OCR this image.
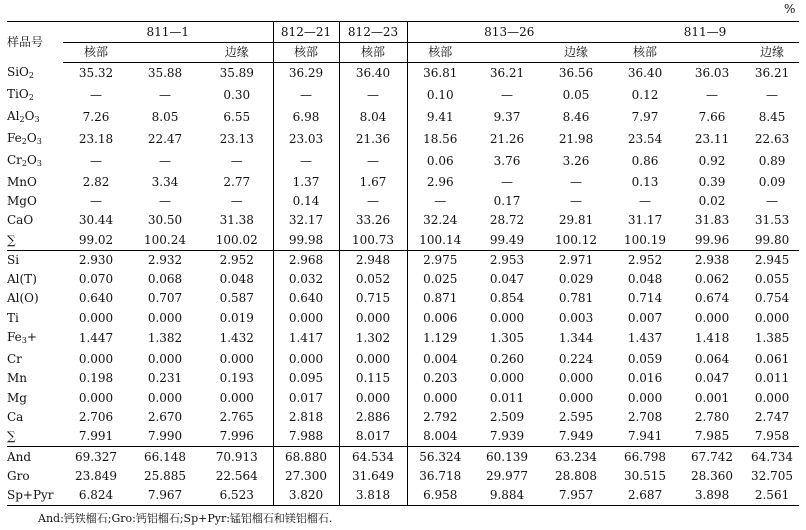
%
样品号	811—1			812—21	812—23	813—26			811—9		
	核部		边缘	核部	核部	核部		边缘	核部		边缘
SiO$_2$	35.32	35.88	35.89	36.29	36.40	36.81	36.21	36.56	36.40	36.03	36.21
TiO$_2$	—	—	0.30	—	—	0.10	—	0.05	0.12	—	—
$Al_2O_3$	7.26	8.05	6.55	6.98	8.04	9.41	9.37	8.46	7.97	7.66	8.45
$Fe_2O_3$	23.18	22.47	23.13	23.03	21.36	18.56	21.26	21.98	23.54	23.11	22.63
$Cr_2O_3$	—	—	—	—	—	0.06	3.76	3.26	0.86	0.92	0.89
MnO	2.82	3.34	2.77	1.37	1.67	2.96	—	—	0.13	0.39	0.09
MgO	—	—	—	0.14	—	—	0.17	—	—	0.02	—
CaO	30.44	30.50	31.38	32.17	33.26	32.24	28.72	29.81	31.17	31.83	31.53
∑	99.02	100.24	100.02	99.98	100.73	100.14	99.49	100.12	100.19	99.96	99.80
Si	2.930	2.932	2.952	2.968	2.948	2.975	2.953	2.971	2.952	2.938	2.945
Al(T)	0.070	0.068	0.048	0.032	0.052	0.025	0.047	0.029	0.048	0.062	0.055
Al(O)	0.640	0.707	0.587	0.640	0.715	0.871	0.854	0.781	0.714	0.674	0.754
Ti	0.000	0.000	0.019	0.000	0.000	0.006	0.000	0.003	0.007	0.000	0.000
$Fe_3+$	1.447	1.382	1.432	1.417	1.302	1.129	1.305	1.344	1.437	1.418	1.385
Cr	0.000	0.000	0.000	0.000	0.000	0.004	0.260	0.224	0.059	0.064	0.061
Mn	0.198	0.231	0.193	0.095	0.115	0.203	0.000	0.000	0.016	0.047	0.011
Mg	0.000	0.000	0.000	0.017	0.000	0.000	0.011	0.000	0.000	0.001	0.000
Ca	2.706	2.670	2.765	2.818	2.886	2.792	2.509	2.595	2.708	2.780	2.747
∑	7.991	7.990	7.996	7.988	8.017	8.004	7.939	7.949	7.941	7.985	7.958
And	69.327	66.148	70.913	68.880	64.534	56.324	60.139	63.234	66.798	67.742	64.734
Gro	23.849	25.885	22.564	27.300	31.649	36.718	29.977	28.808	30.515	28.360	32.705
Sp+Pyr	6.824	7.967	6.523	3.820	3.818	6.958	9.884	7.957	2.687	3.898	2.561
And:钙铁榴石;Gro:钙铝榴石;Sp+Pyr:锰铝榴石和镁铝榴石.
